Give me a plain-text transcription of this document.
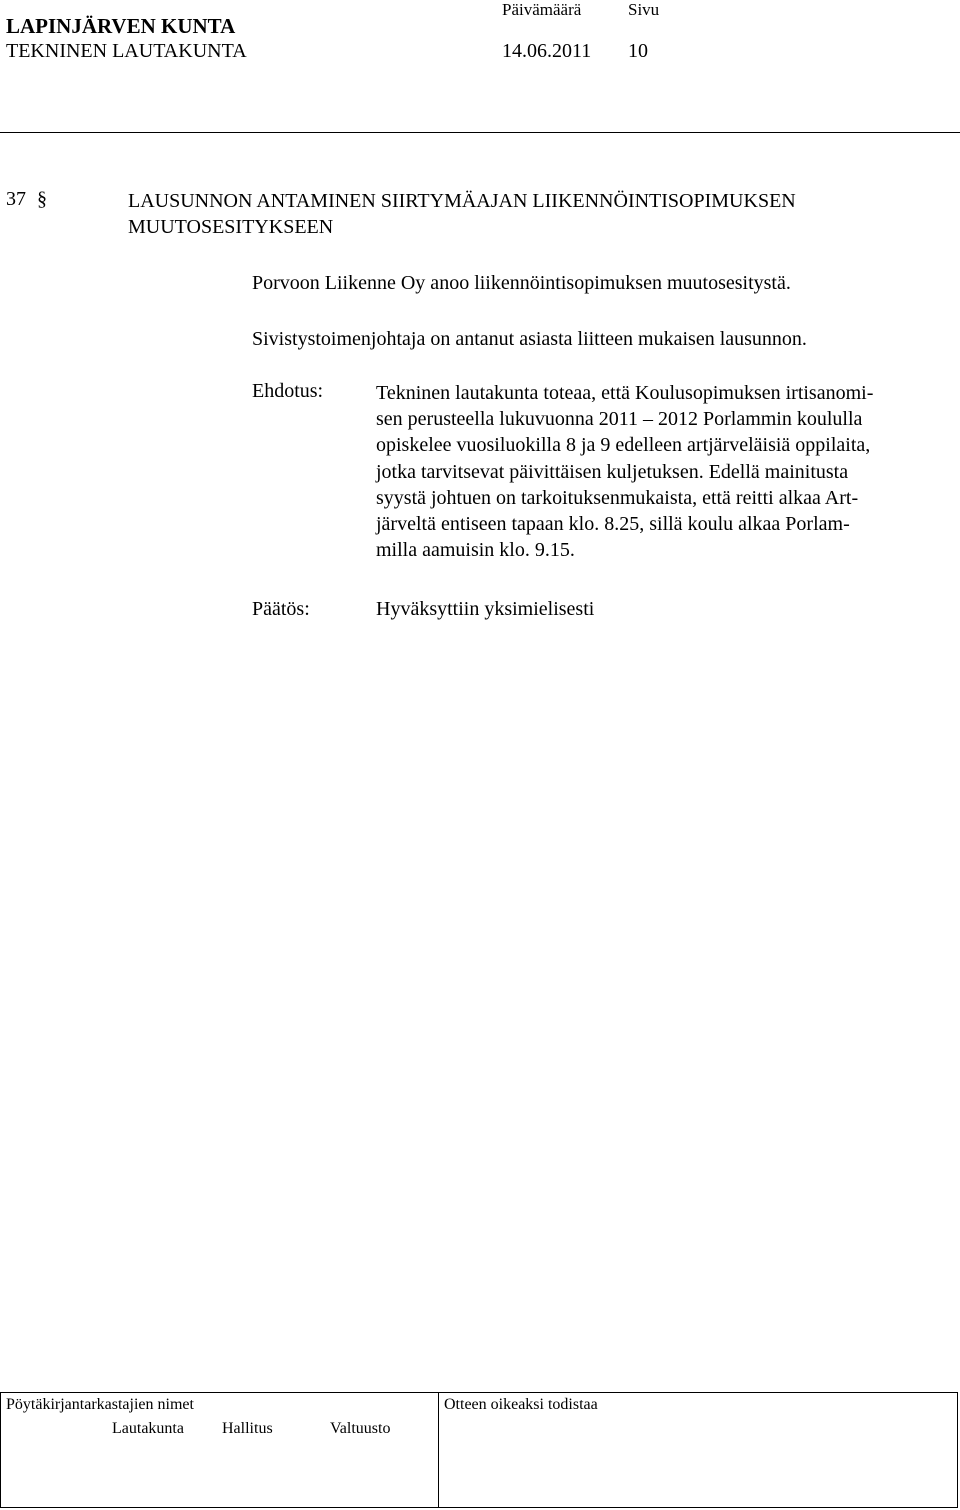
LAPINJÄRVEN KUNTA
Päivämäärä	Sivu
TEKNINEN LAUTAKUNTA	14.06.2011 10
37 §	LAUSUNNON ANTAMINEN SIIRTYMÄAJAN LIIKENNÖINTISOPIMUKSEN
MUUTOSESITYKSEEN
Porvoon Liikenne Oy anoo liikennöintisopimuksen muutosesitystä.
Sivistystoimenjohtaja on antanut asiasta liitteen mukaisen lausunnon.
Ehdotus:	Tekninen lautakunta toteaa, että Koulusopimuksen irtisanomi-
sen perusteella lukuvuonna 2011 – 2012 Porlammin koululla
opiskelee vuosiluokilla 8 ja 9 edelleen artjärveläisiä oppilaita,
jotka tarvitsevat päivittäisen kuljetuksen. Edellä mainitusta
syystä johtuen on tarkoituksenmukaista, että reitti alkaa Art-
järveltä entiseen tapaan klo. 8.25, sillä koulu alkaa Porlam-
milla aamuisin klo. 9.15.
Päätös:	Hyväksyttiin yksimielisesti
Pöytäkirjantarkastajien nimet	Otteen oikeaksi todistaa
Lautakunta Hallitus	Valtuusto
